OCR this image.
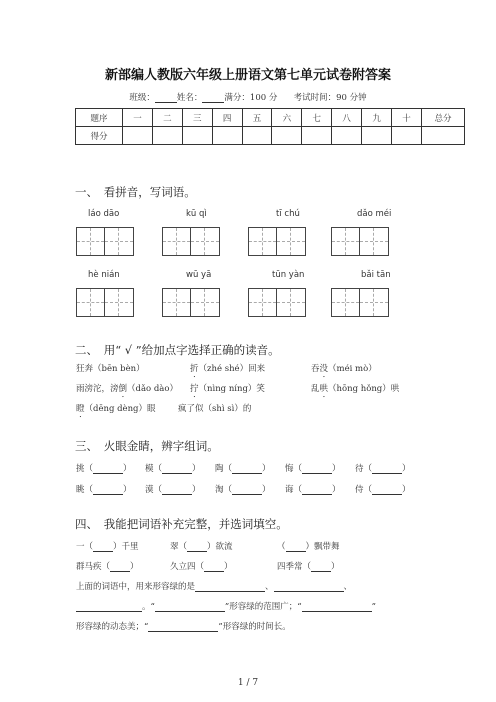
新部编人教版六年级上册语文第七单元试卷附答案
班级：	姓名：	满分：100 分 考试时间：90 分钟
题序	一	二	三	四	五	六	七	八	九	十	总分
得分											
一、　看拼音，写词语。
láo dāo	kū qì	tī chú	dǎo méi
hè nián	wū yā	tūn yàn	bǎi tān
二、　用“ √ ”给加点字选择正确的读音。
狂奔（bēn bèn）	折（zhé shé）回来	吞没（méi mò）
雨滂沱，滂倒（dǎo dào） 拧（nìng níng）笑	乱哄（hōng hǒng）哄
瞪（dēng dèng）眼	疯了似（shì sì）的
三、　火眼金睛，辨字组词。
挑（	） 模（	） 陶（	） 悔（	） 待（	）
眺（	） 漠（	） 淘（	） 诲（	） 侍（	）
四、　我能把词语补充完整，并选词填空。
一（ ）千里	翠（ ）欲流	（ ）飘带舞
群马疾（ ）	久立四（ ）	四季常（ ）
上面的词语中，用来形容绿的是	、	、
。“	”形容绿的范围广；“	”
形容绿的动态美；“	”形容绿的时间长。
1 / 7
